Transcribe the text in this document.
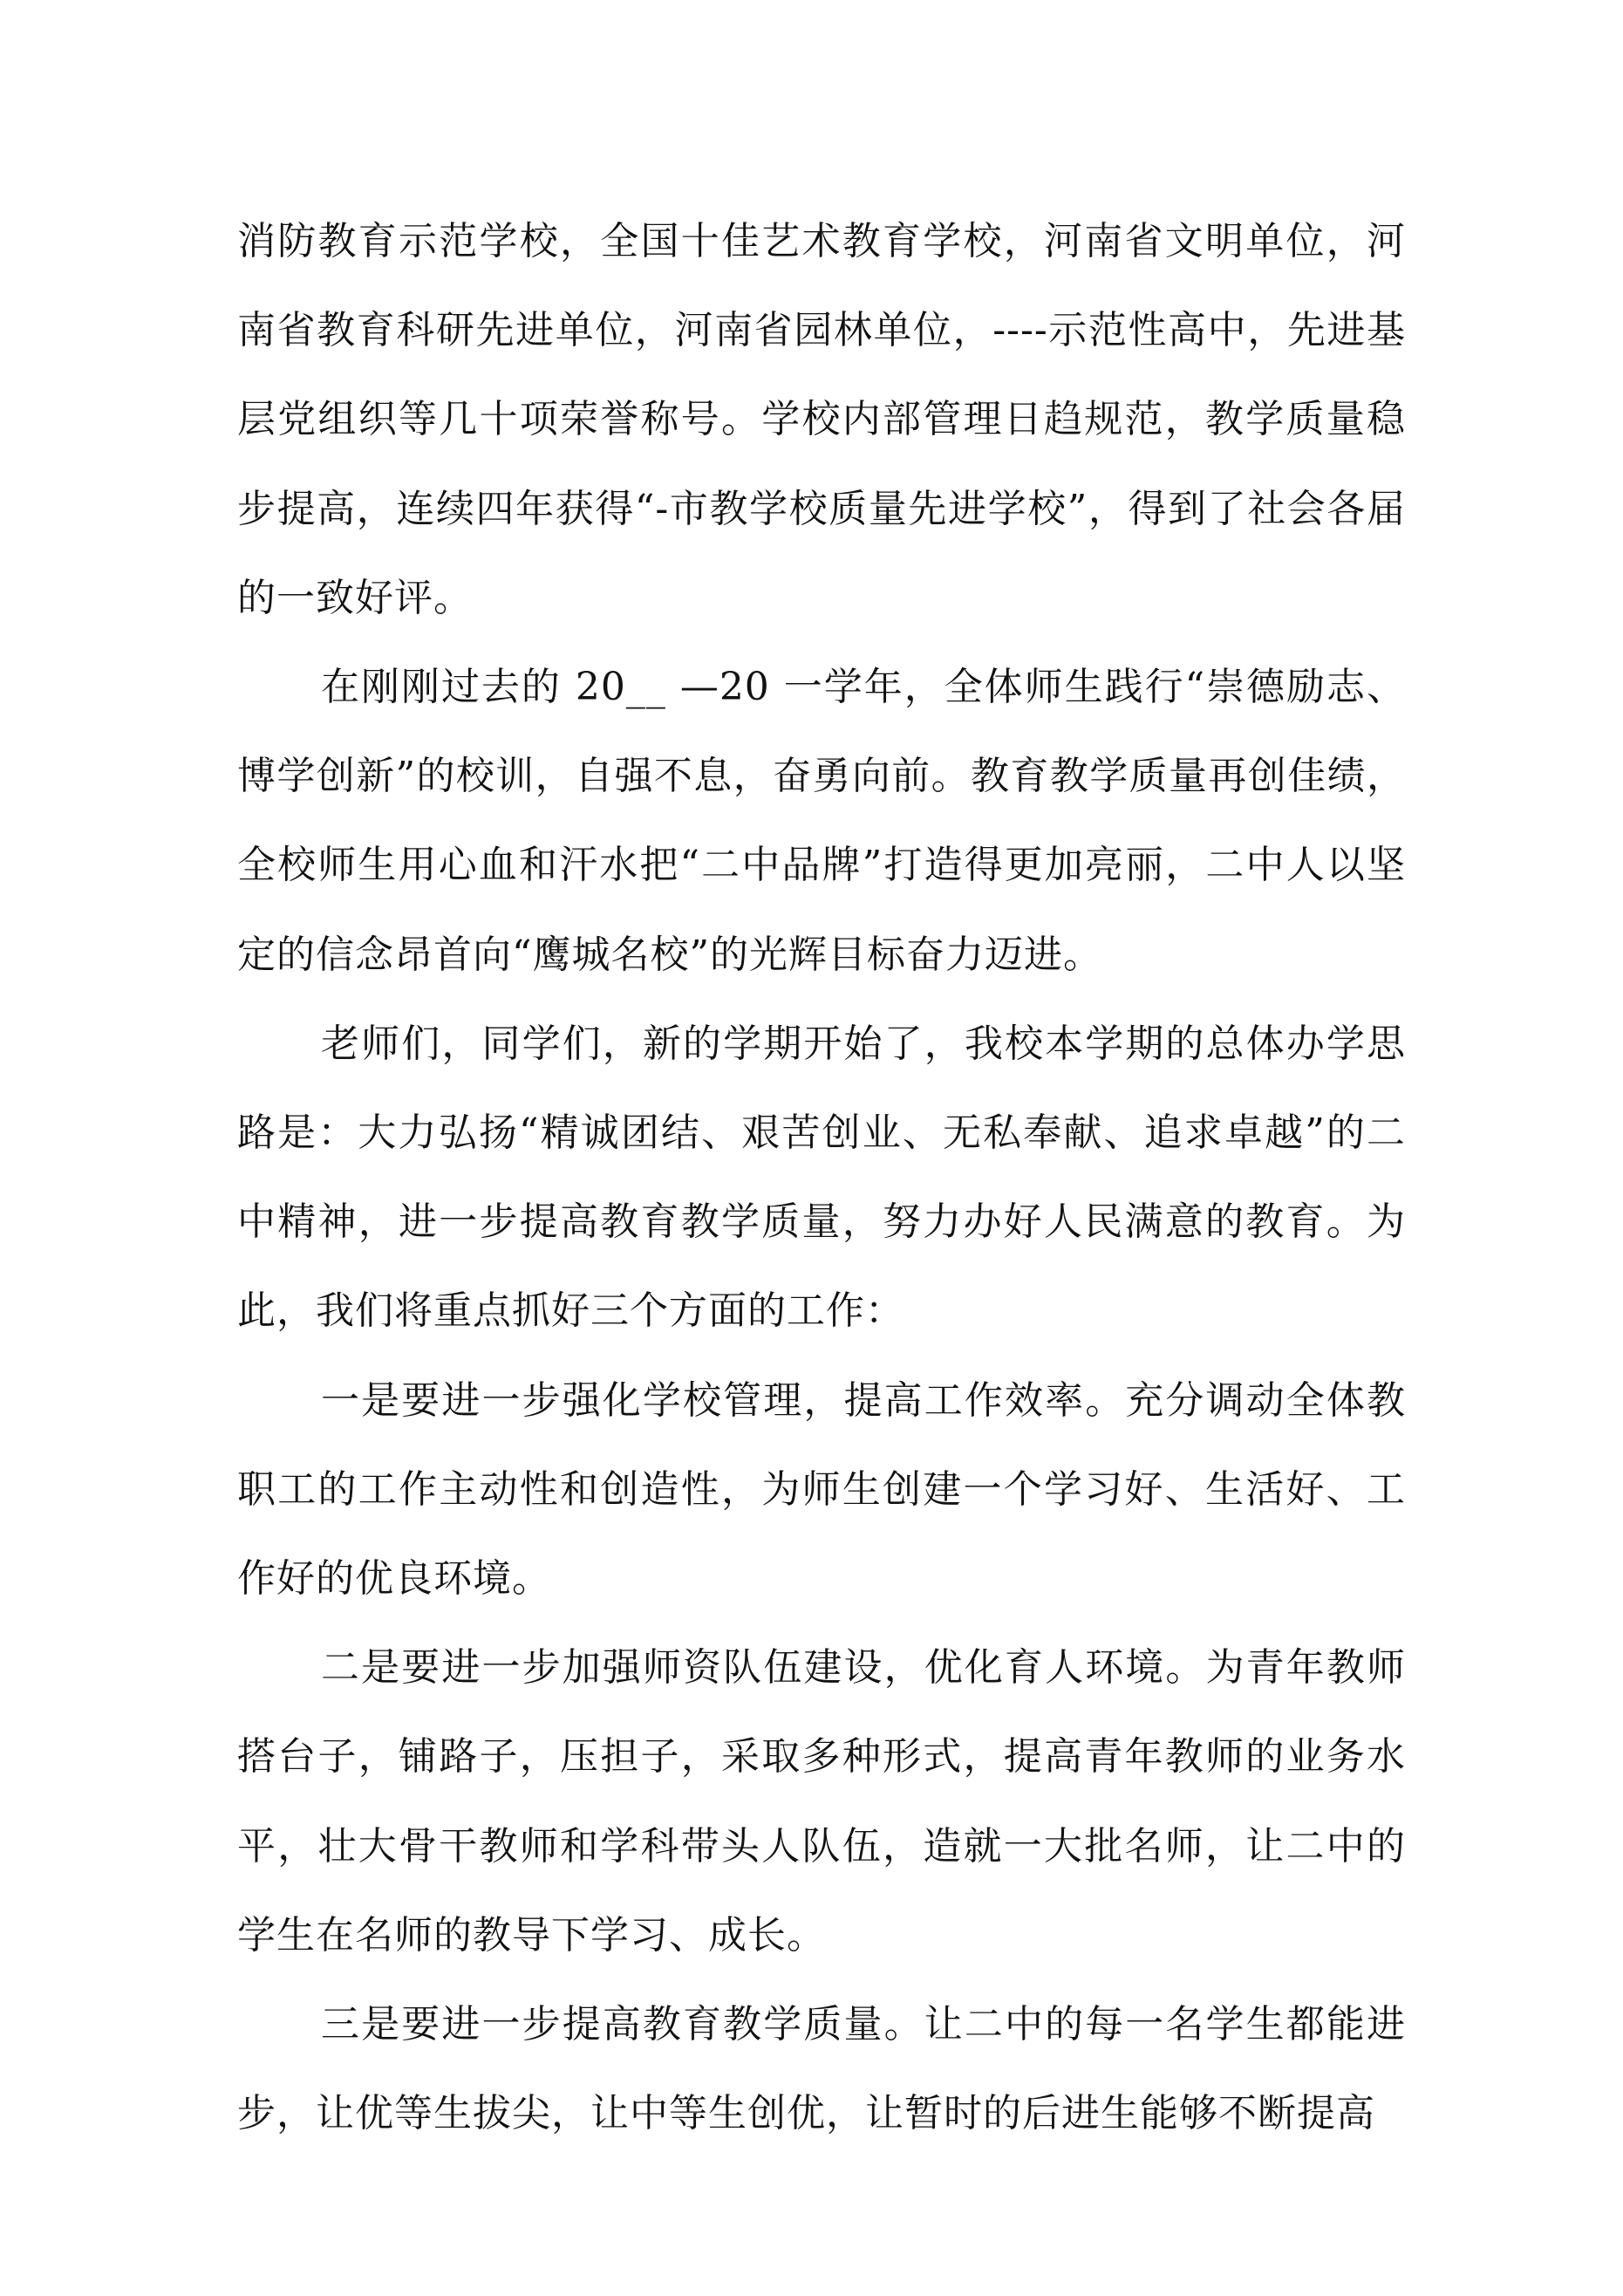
消防教育示范学校，全国十佳艺术教育学校，河南省文明单位，河南省教育科研先进单位，河南省园林单位，----示范性高中，先进基层党组织等几十项荣誉称号。学校内部管理日趋规范，教学质量稳步提高，连续四年获得“-市教学校质量先进学校”，得到了社会各届的一致好评。

在刚刚过去的 20__ —20 一学年，全体师生践行“崇德励志、博学创新”的校训，自强不息，奋勇向前。教育教学质量再创佳绩，全校师生用心血和汗水把“二中品牌”打造得更加亮丽，二中人以坚定的信念昂首向“鹰城名校”的光辉目标奋力迈进。

老师们，同学们，新的学期开始了，我校本学期的总体办学思路是：大力弘扬“精诚团结、艰苦创业、无私奉献、追求卓越”的二中精神，进一步提高教育教学质量，努力办好人民满意的教育。为此，我们将重点抓好三个方面的工作：

一是要进一步强化学校管理，提高工作效率。充分调动全体教职工的工作主动性和创造性，为师生创建一个学习好、生活好、工作好的优良环境。

二是要进一步加强师资队伍建设，优化育人环境。为青年教师搭台子，铺路子，压担子，采取多种形式，提高青年教师的业务水平，壮大骨干教师和学科带头人队伍，造就一大批名师，让二中的学生在名师的教导下学习、成长。

三是要进一步提高教育教学质量。让二中的每一名学生都能进步，让优等生拔尖，让中等生创优，让暂时的后进生能够不断提高
